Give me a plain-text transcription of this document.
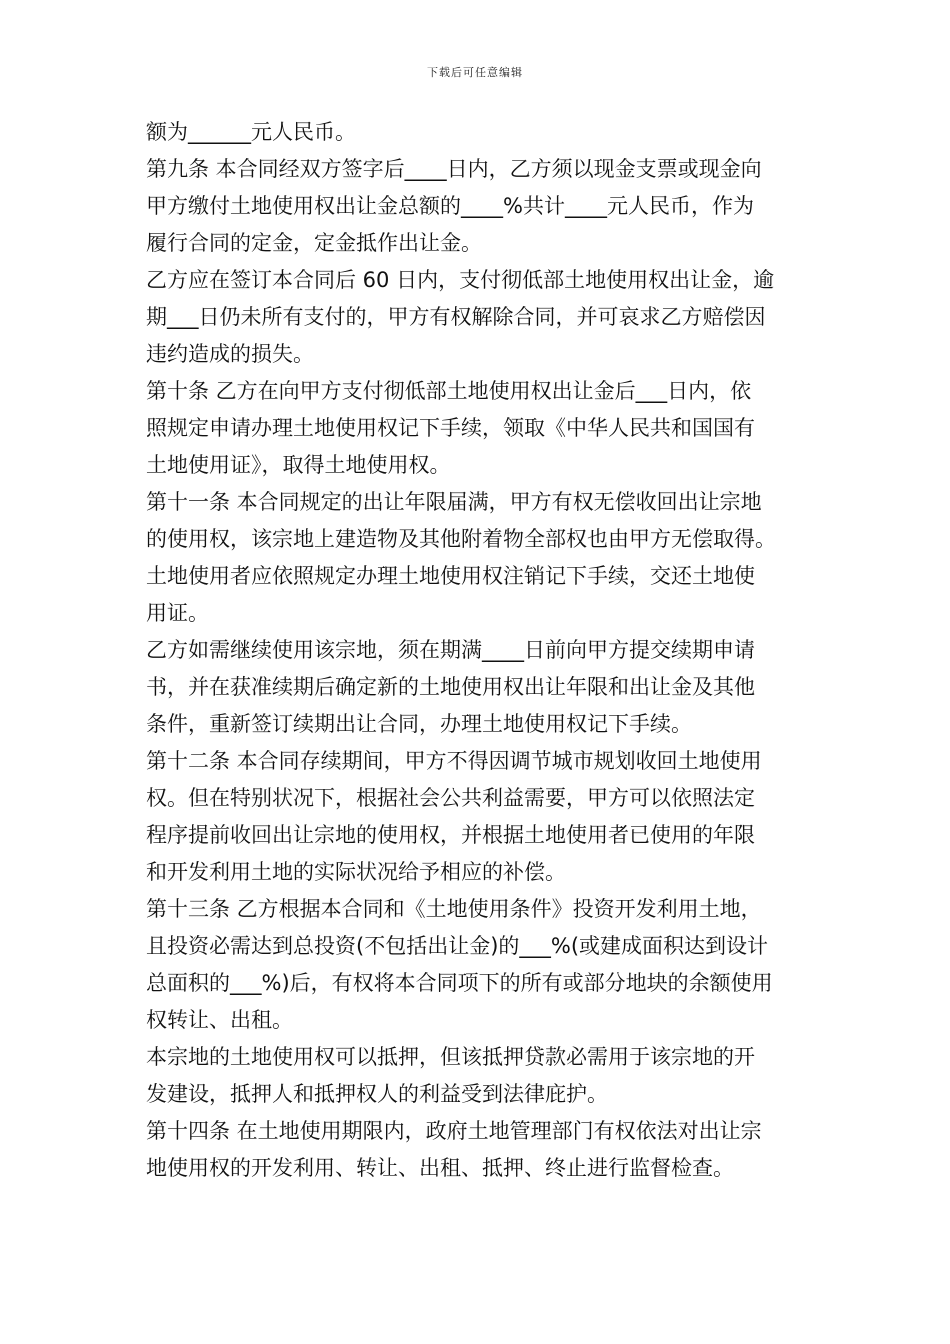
下载后可任意编辑
额为______元人民币。
第九条 本合同经双方签字后____日内，乙方须以现金支票或现金向
甲方缴付土地使用权出让金总额的____%共计____元人民币，作为
履行合同的定金，定金抵作出让金。
乙方应在签订本合同后 60 日内，支付彻低部土地使用权出让金，逾
期___日仍未所有支付的，甲方有权解除合同，并可哀求乙方赔偿因
违约造成的损失。
第十条 乙方在向甲方支付彻低部土地使用权出让金后___日内，依
照规定申请办理土地使用权记下手续，领取《中华人民共和国国有
土地使用证》，取得土地使用权。
第十一条 本合同规定的出让年限届满，甲方有权无偿收回出让宗地
的使用权，该宗地上建造物及其他附着物全部权也由甲方无偿取得。
土地使用者应依照规定办理土地使用权注销记下手续，交还土地使
用证。
乙方如需继续使用该宗地，须在期满____日前向甲方提交续期申请
书，并在获准续期后确定新的土地使用权出让年限和出让金及其他
条件，重新签订续期出让合同，办理土地使用权记下手续。
第十二条 本合同存续期间，甲方不得因调节城市规划收回土地使用
权。但在特别状况下，根据社会公共利益需要，甲方可以依照法定
程序提前收回出让宗地的使用权，并根据土地使用者已使用的年限
和开发利用土地的实际状况给予相应的补偿。
第十三条 乙方根据本合同和《土地使用条件》投资开发利用土地，
且投资必需达到总投资(不包括出让金)的___%(或建成面积达到设计
总面积的___%)后，有权将本合同项下的所有或部分地块的余额使用
权转让、出租。
本宗地的土地使用权可以抵押，但该抵押贷款必需用于该宗地的开
发建设，抵押人和抵押权人的利益受到法律庇护。
第十四条 在土地使用期限内，政府土地管理部门有权依法对出让宗
地使用权的开发利用、转让、出租、抵押、终止进行监督检查。
